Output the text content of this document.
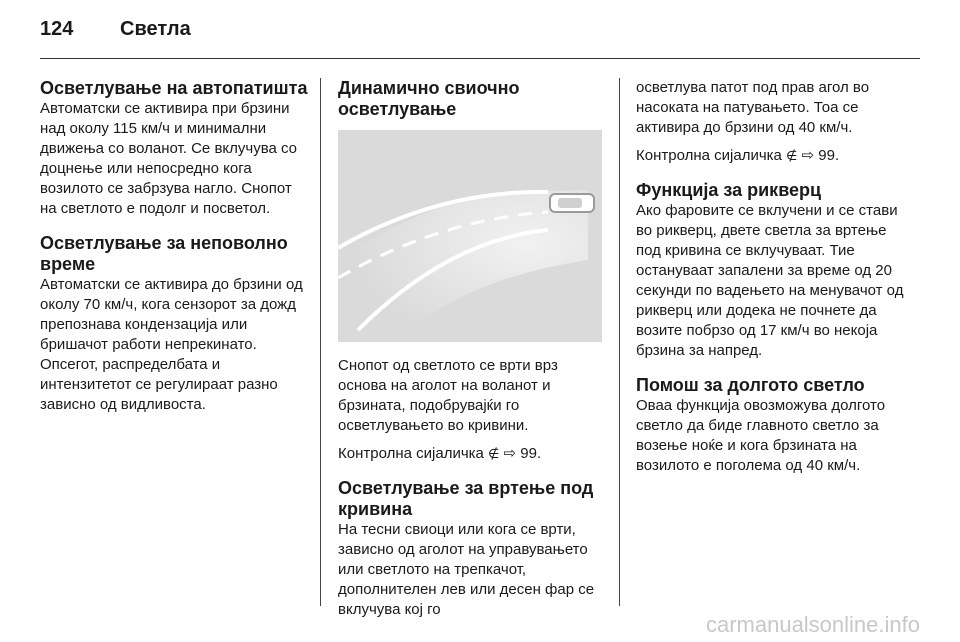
124	Светла
Осветлување на автопатишта

Автоматски се активира при брзини над околу 115 км/ч и минимални движења со воланот. Се вклучува со доцнење или непосредно кога возилото се забрзува нагло. Снопот на светлото е подолг и посветол.

Осветлување за неповолно време

Автоматски се активира до брзини од околу 70 км/ч, кога сензорот за дожд препознава кондензација или бришачот работи непрекинато. Опсегот, распределбата и интензитетот се регулираат разно зависно од видливоста.

Динамично свиочно осветлување

Снопот од светлото се врти врз основа на аголот на воланот и брзината, подобрувајќи го осветлувањето во кривини.

Контролна сијаличка ∉ ⇨ 99.

Осветлување за вртење под кривина

На тесни свиоци или кога се врти, зависно од аголот на управувањето или светлото на трепкачот, дополнителен лев или десен фар се вклучува кој го

осветлува патот под прав агол во насоката на патувањето. Тоа се активира до брзини од 40 км/ч.

Контролна сијаличка ∉ ⇨ 99.

Функција за рикверц

Ако фаровите се вклучени и се стави во рикверц, двете светла за вртење под кривина се вклучуваат. Тие остануваат запалени за време од 20 секунди по вадењето на менувачот од рикверц или додека не почнете да возите побрзо од 17 км/ч во некоја брзина за напред.

Помош за долгото светло

Оваа функција овозможува долгото светло да биде главното светло за возење ноќе и кога брзината на возилото е поголема од 40 км/ч.

carmanualsonline.info
